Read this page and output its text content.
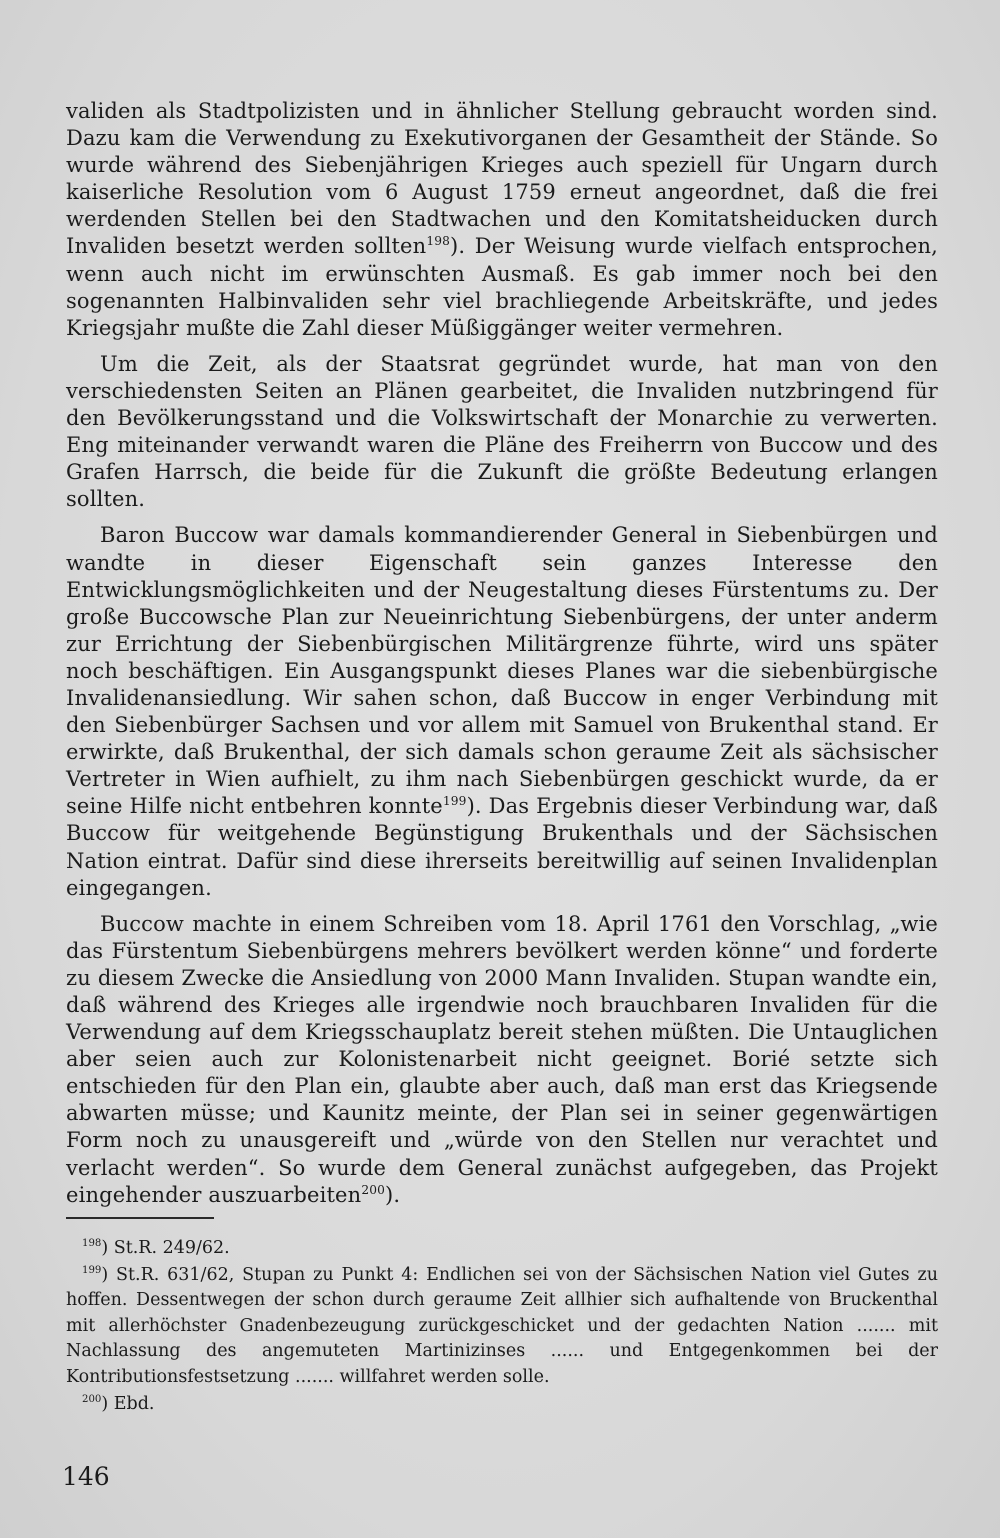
validen als Stadtpolizisten und in ähnlicher Stellung gebraucht worden sind. Dazu kam die Verwendung zu Exekutivorganen der Gesamtheit der Stände. So wurde während des Siebenjährigen Krieges auch speziell für Ungarn durch kaiserliche Resolution vom 6 August 1759 erneut angeordnet, daß die frei werdenden Stellen bei den Stadtwachen und den Komitatsheiducken durch Invaliden besetzt werden sollten$^{198}$). Der Weisung wurde vielfach entsprochen, wenn auch nicht im erwünschten Ausmaß. Es gab immer noch bei den sogenannten Halbinvaliden sehr viel brachliegende Arbeitskräfte, und jedes Kriegsjahr mußte die Zahl dieser Müßiggänger weiter vermehren.

Um die Zeit, als der Staatsrat gegründet wurde, hat man von den verschiedensten Seiten an Plänen gearbeitet, die Invaliden nutzbringend für den Bevölkerungsstand und die Volkswirtschaft der Monarchie zu verwerten. Eng miteinander verwandt waren die Pläne des Freiherrn von Buccow und des Grafen Harrsch, die beide für die Zukunft die größte Bedeutung erlangen sollten.

Baron Buccow war damals kommandierender General in Siebenbürgen und wandte in dieser Eigenschaft sein ganzes Interesse den Entwicklungsmöglichkeiten und der Neugestaltung dieses Fürstentums zu. Der große Buccowsche Plan zur Neueinrichtung Siebenbürgens, der unter anderm zur Errichtung der Siebenbürgischen Militärgrenze führte, wird uns später noch beschäftigen. Ein Ausgangspunkt dieses Planes war die siebenbürgische Invalidenansiedlung. Wir sahen schon, daß Buccow in enger Verbindung mit den Siebenbürger Sachsen und vor allem mit Samuel von Brukenthal stand. Er erwirkte, daß Brukenthal, der sich damals schon geraume Zeit als sächsischer Vertreter in Wien aufhielt, zu ihm nach Siebenbürgen geschickt wurde, da er seine Hilfe nicht entbehren konnte$^{199}$). Das Ergebnis dieser Verbindung war, daß Buccow für weitgehende Begünstigung Brukenthals und der Sächsischen Nation eintrat. Dafür sind diese ihrerseits bereitwillig auf seinen Invalidenplan eingegangen.

Buccow machte in einem Schreiben vom 18. April 1761 den Vorschlag, „wie das Fürstentum Siebenbürgens mehrers bevölkert werden könne“ und forderte zu diesem Zwecke die Ansiedlung von 2000 Mann Invaliden. Stupan wandte ein, daß während des Krieges alle irgendwie noch brauchbaren Invaliden für die Verwendung auf dem Kriegsschauplatz bereit stehen müßten. Die Untauglichen aber seien auch zur Kolonistenarbeit nicht geeignet. Borié setzte sich entschieden für den Plan ein, glaubte aber auch, daß man erst das Kriegsende abwarten müsse; und Kaunitz meinte, der Plan sei in seiner gegenwärtigen Form noch zu unausgereift und „würde von den Stellen nur verachtet und verlacht werden“. So wurde dem General zunächst aufgegeben, das Projekt eingehender auszuarbeiten$^{200}$).

$^{198}$) St.R. 249/62.

$^{199}$) St.R. 631/62, Stupan zu Punkt 4: Endlichen sei von der Sächsischen Nation viel Gutes zu hoffen. Dessentwegen der schon durch geraume Zeit allhier sich aufhaltende von Bruckenthal mit allerhöchster Gnadenbezeugung zurückgeschicket und der gedachten Nation ....... mit Nachlassung des angemuteten Martinizinses ...... und Entgegenkommen bei der Kontributionsfestsetzung ....... willfahret werden solle.

$^{200}$) Ebd.

146
